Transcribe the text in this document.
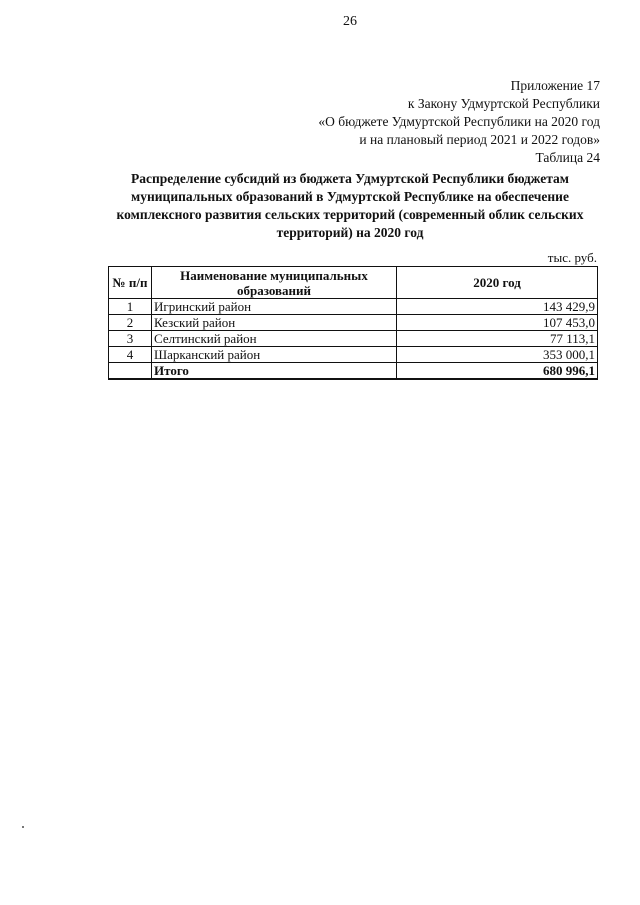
26
Приложение 17
к Закону Удмуртской Республики
«О бюджете Удмуртской Республики на 2020 год
и на плановый период 2021 и 2022 годов»
Таблица 24
Распределение субсидий из бюджета Удмуртской Республики бюджетам муниципальных образований в Удмуртской Республике на обеспечение комплексного развития сельских территорий (современный облик сельских территорий) на 2020 год
тыс. руб.
№ п/п	Наименование муниципальных образований	2020 год
1	Игринский район	143 429,9
2	Кезский район	107 453,0
3	Селтинский район	77 113,1
4	Шарканский район	353 000,1
	Итого	680 996,1
